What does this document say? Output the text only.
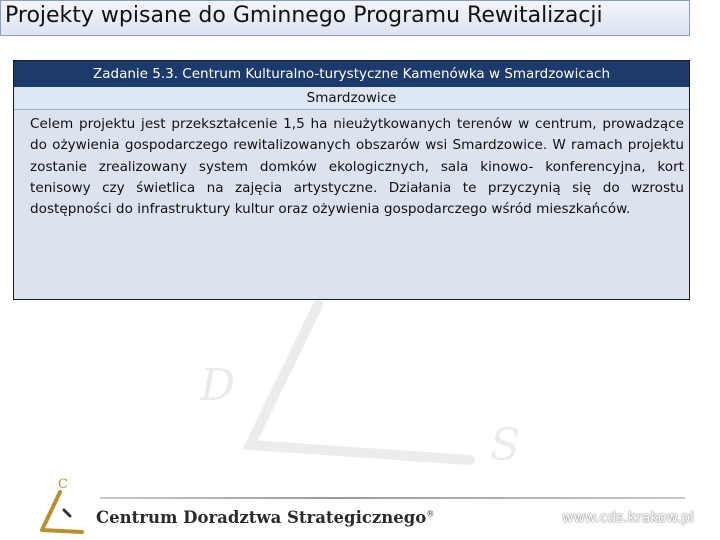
Projekty wpisane do Gminnego Programu Rewitalizacji
D
S
Zadanie 5.3. Centrum Kulturalno-turystyczne Kamenówka w Smardzowicach
Smardzowice
Celem projektu jest przekształcenie 1,5 ha nieużytkowanych terenów w centrum, prowadzące do ożywienia gospodarczego rewitalizowanych obszarów wsi Smardzowice. W ramach projektu zostanie zrealizowany system domków ekologicznych, sala kinowo- konferencyjna, kort tenisowy czy świetlica na zajęcia artystyczne. Działania te przyczynią się do wzrostu dostępności do infrastruktury kultur oraz ożywienia gospodarczego wśród mieszkańców.
C
Centrum Doradztwa Strategicznego®	www.cds.krakow.pl
